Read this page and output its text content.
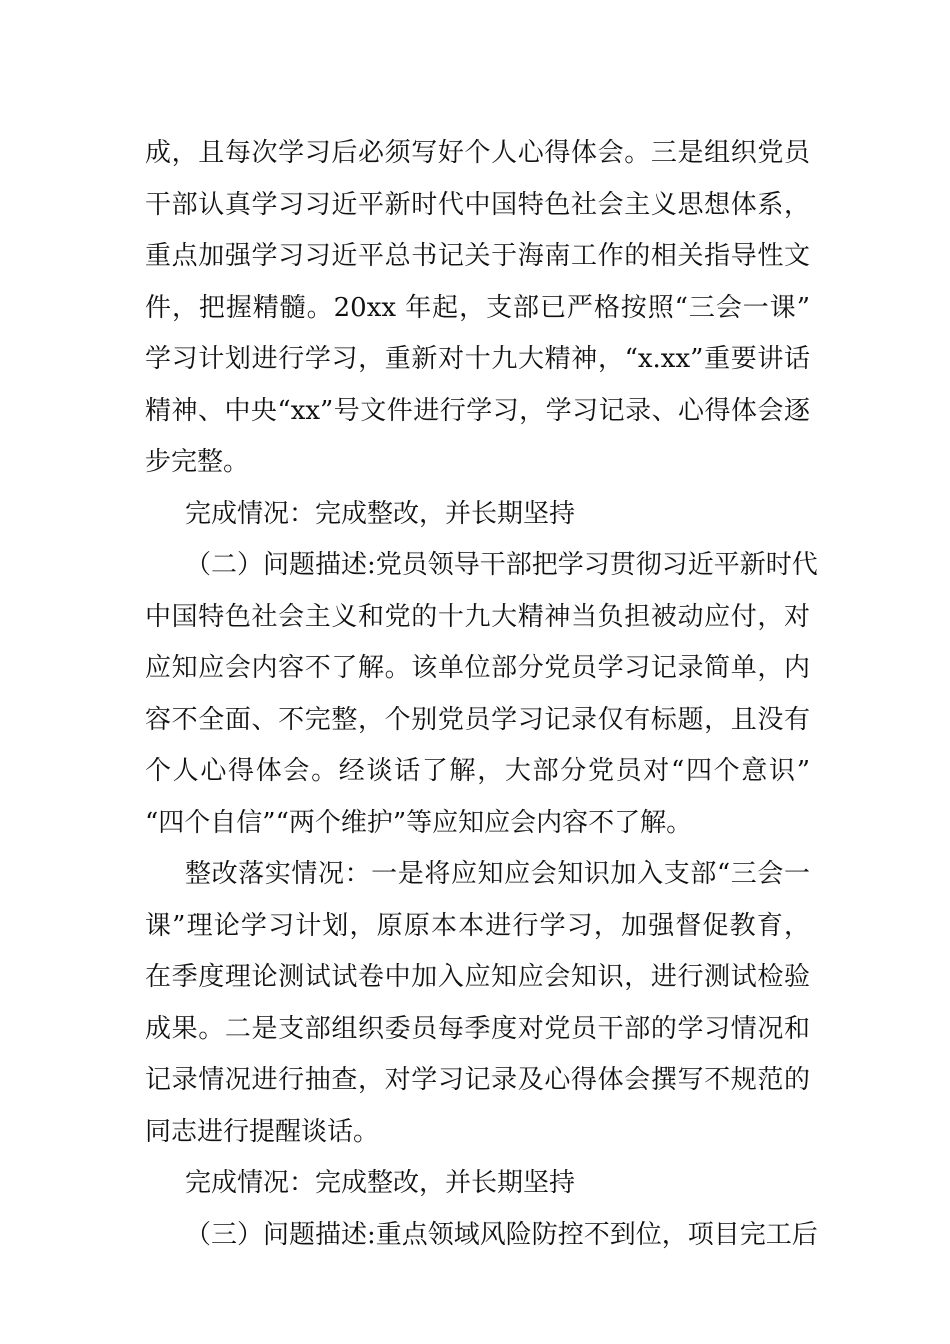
成，且每次学习后必须写好个人心得体会。三是组织党员
干部认真学习习近平新时代中国特色社会主义思想体系，
重点加强学习习近平总书记关于海南工作的相关指导性文
件，把握精髓。20xx 年起，支部已严格按照“三会一课”
学习计划进行学习，重新对十九大精神，“x.xx”重要讲话
精神、中央“xx”号文件进行学习，学习记录、心得体会逐
步完整。
完成情况：完成整改，并长期坚持
（二）问题描述:党员领导干部把学习贯彻习近平新时代
中国特色社会主义和党的十九大精神当负担被动应付，对
应知应会内容不了解。该单位部分党员学习记录简单，内
容不全面、不完整，个别党员学习记录仅有标题，且没有
个人心得体会。经谈话了解，大部分党员对“四个意识”
“四个自信”“两个维护”等应知应会内容不了解。
整改落实情况：一是将应知应会知识加入支部“三会一
课”理论学习计划，原原本本进行学习，加强督促教育，
在季度理论测试试卷中加入应知应会知识，进行测试检验
成果。二是支部组织委员每季度对党员干部的学习情况和
记录情况进行抽查，对学习记录及心得体会撰写不规范的
同志进行提醒谈话。
完成情况：完成整改，并长期坚持
（三）问题描述:重点领域风险防控不到位，项目完工后
